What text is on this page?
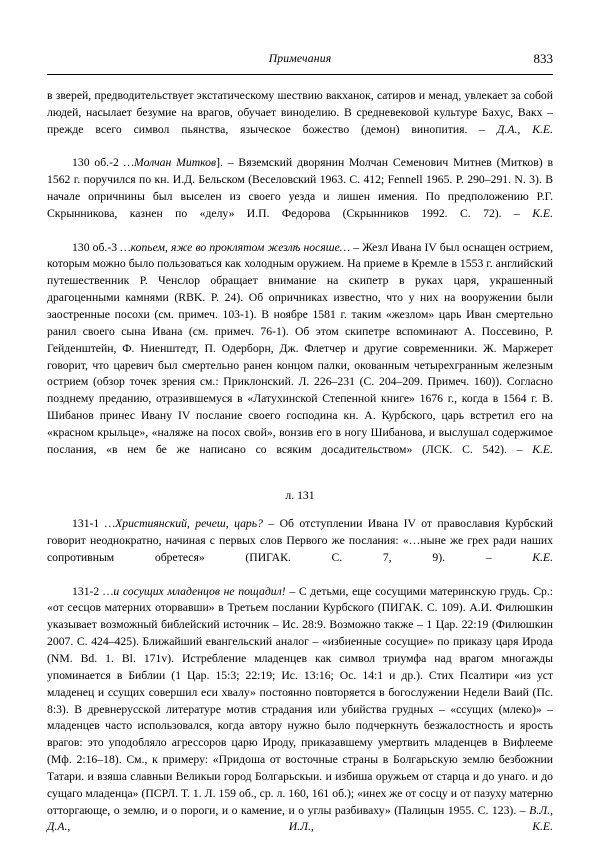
Примечания	833

в зверей, предводительствует экстатическому шествию вакханок, сатиров и менад, увлекает за собой людей, насылает безумие на врагов, обучает виноделию. В средневековой культуре Бахус, Вакх – прежде всего символ пьянства, языческое божество (демон) винопития. – Д.А., К.Е.

130 об.-2 …Молчан Митков]. – Вяземский дворянин Молчан Семенович Митнев (Митков) в 1562 г. поручился по кн. И.Д. Бельском (Веселовский 1963. С. 412; Fennell 1965. P. 290–291. N. 3). В начале опричнины был выселен из своего уезда и лишен имения. По предположению Р.Г. Скрынникова, казнен по «делу» И.П. Федорова (Скрынников 1992. С. 72). – К.Е.

130 об.-3 …копьем, яже во проклятом жезлѣ носяше… – Жезл Ивана IV был оснащен острием, которым можно было пользоваться как холодным оружием. На приеме в Кремле в 1553 г. английский путешественник Р. Ченслор обращает внимание на скипетр в руках царя, украшенный драгоценными камнями (RBK. P. 24). Об опричниках известно, что у них на вооружении были заостренные посохи (см. примеч. 103-1). В ноябре 1581 г. таким «жезлом» царь Иван смертельно ранил своего сына Ивана (см. примеч. 76-1). Об этом скипетре вспоминают А. Поссевино, Р. Гейденштейн, Ф. Ниенштедт, П. Одерборн, Дж. Флетчер и другие современники. Ж. Маржерет говорит, что царевич был смертельно ранен концом палки, окованным четырехгранным железным острием (обзор точек зрения см.: Приклонский. Л. 226–231 (С. 204–209. Примеч. 160)). Согласно позднему преданию, отразившемуся в «Латухинской Степенной книге» 1676 г., когда в 1564 г. В. Шибанов принес Ивану IV послание своего господина кн. А. Курбского, царь встретил его на «красном крыльце», «наляже на посох свой», вонзив его в ногу Шибанова, и выслушал содержимое послания, «в нем бе же написано со всяким досадительством» (ЛСК. С. 542). – К.Е.

л. 131

131-1 …Християнский, речеш, царь? – Об отступлении Ивана IV от православия Курбский говорит неоднократно, начиная с первых слов Первого же послания: «…ныне же грех ради наших сопротивным обретеся» (ПИГАК. С. 7, 9). – К.Е.

131-2 …и сосущих младенцов не пощадил! – С детьми, еще сосущими материнскую грудь. Ср.: «от сесцов матерних оторвавши» в Третьем послании Курбского (ПИГАК. С. 109). А.И. Филюшкин указывает возможный библейский источник – Ис. 28:9. Возможно также – 1 Цар. 22:19 (Филюшкин 2007. С. 424–425). Ближайший евангельский аналог – «избиенные сосущие» по приказу царя Ирода (NM. Bd. 1. Bl. 171v). Истребление младенцев как символ триумфа над врагом многажды упоминается в Библии (1 Цар. 15:3; 22:19; Ис. 13:16; Ос. 14:1 и др.). Стих Псалтири «из уст младенец и ссущих совершил еси хвалу» постоянно повторяется в богослужении Недели Ваий (Пс. 8:3). В древнерусской литературе мотив страдания или убийства грудных – «ссущих (млеко)» – младенцев часто использовался, когда автору нужно было подчеркнуть безжалостность и ярость врагов: это уподобляло агрессоров царю Ироду, приказавшему умертвить младенцев в Вифлееме (Мф. 2:16–18). См., к примеру: «Придоша от восточные страны в Болгарьскую землю безбожнии Татари. и взяша славныи Великыи город Болгарьскыи. и избиша оружьем от старца и до унаго. и до сущаго младенца» (ПСРЛ. Т. 1. Л. 159 об., ср. л. 160, 161 об.); «инех же от сосцу и от пазуху матерню отторгающе, о землю, и о пороги, и о камение, и о углы разбиваху» (Палицын 1955. С. 123). – В.Л., Д.А., И.Л., К.Е.
